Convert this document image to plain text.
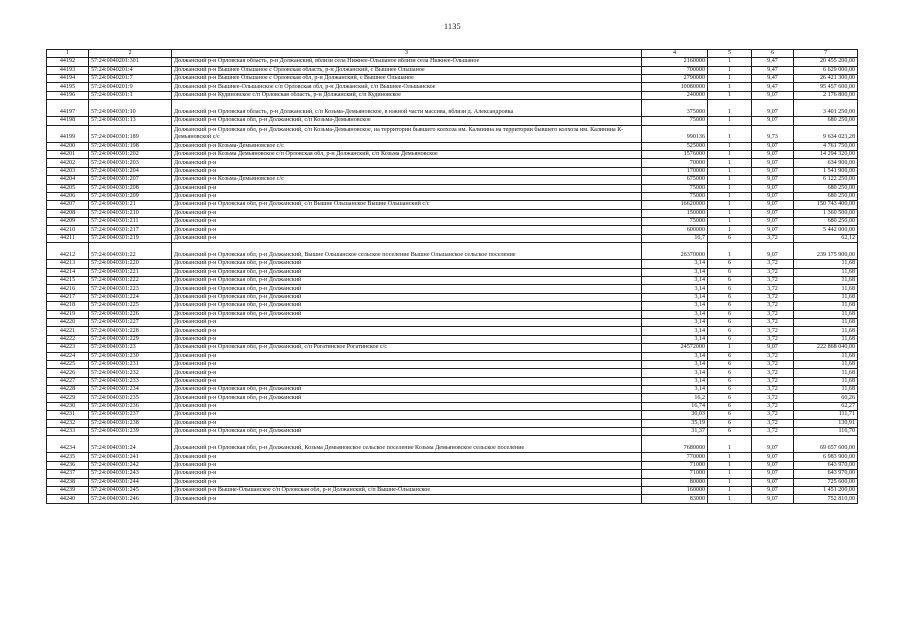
1135
1	2	3	4	5	6	7
44192	57:24:0040201:301	Должанский р-н Орловская область, р-н Должанский, вблизи села Нижнее-Ольшаное вблизи села Нижнее-Ольшаное	2160000	1	9,47	20 455 200,00
44193	57:24:0040201:4	Должанский р-н Вышнее Ольшаное с Орловская область, р-н Должанский, с Вышнее Ольшаное	700000	1	9,47	6 629 000,00
44194	57:24:0040201:7	Должанский р-н Вышнее Ольшаное с Орловская обл, р-н Должанский, с Вышнее Ольшаное	2790000	1	9,47	26 421 300,00
44195	57:24:0040201:9	Должанский р-н Вышнее-Ольшанское с/п Орловская обл, р-н Должанский, с/п Вышнее-Ольшанское	10080000	1	9,47	95 457 600,00
44196	57:24:0040301:1	Должанский р-н Кудиновское с/п Орловская область, р-н Должанский, с/п Кудиновское	240000	1	9,07	2 176 800,00
44197	57:24:0040301:10	Должанский р-н Орловская область, р-н Должанский, с/п Козьма-Демьяновское, в южной части массива, вблизи д. Александровка	375000	1	9,07	3 401 250,00
44198	57:24:0040301:13	Должанский р-н Орловская обл, р-н Должанский, с/п Козьма-Демьяновское	75000	1	9,07	680 250,00
44199	57:24:0040301:189	Должанский р-н Орловская обл, р-н Должанский, с/п Козьма-Демьяновское, на территории бывшего колхоза им. Калинина на территории бывшего колхоза им. Калинина К-Демьяновской с/с	990136	1	9,73	9 634 023,28
44200	57:24:0040301:198	Должанский р-н Козьма-Демьяновское с/с	525000	1	9,07	4 761 750,00
44201	57:24:0040301:202	Должанский р-н Козьма Демьяновское с/п Орловская обл, р-н Должанский, с/п Козьма Демьяновское	1576000	1	9,07	14 294 320,00
44202	57:24:0040301:203	Должанский р-н	70000	1	9,07	634 900,00
44203	57:24:0040301:204	Должанский р-н	170000	1	9,07	1 541 900,00
44204	57:24:0040301:207	Должанский р-н Козьма-Демьяновское с/с	675000	1	9,07	6 122 250,00
44205	57:24:0040301:208	Должанский р-н	75000	1	9,07	680 250,00
44206	57:24:0040301:209	Должанский р-н	75000	1	9,07	680 250,00
44207	57:24:0040301:21	Должанский р-н Орловская обл, р-н Должанский, с/п Вышне Ольшанское Вышне Ольшанский с/с	16620000	1	9,07	150 743 400,00
44208	57:24:0040301:210	Должанский р-н	150000	1	9,07	1 360 500,00
44209	57:24:0040301:211	Должанский р-н	75000	1	9,07	680 250,00
44210	57:24:0040301:217	Должанский р-н	600000	1	9,07	5 442 000,00
44211	57:24:0040301:219	Должанский р-н	16,7	6	3,72	62,12
44212	57:24:0040301:22	Должанский р-н Орловская обл, р-н Должанский, Вышне Ольшанское сельское поселение Вышне Ольшанское сельское поселение	26370000	1	9,07	239 175 900,00
44213	57:24:0040301:220	Должанский р-н Орловская обл, р-н Должанский	3,14	6	3,72	11,68
44214	57:24:0040301:221	Должанский р-н Орловская обл, р-н Должанский	3,14	6	3,72	11,68
44215	57:24:0040301:222	Должанский р-н Орловская обл, р-н Должанский	3,14	6	3,72	11,68
44216	57:24:0040301:223	Должанский р-н Орловская обл, р-н Должанский	3,14	6	3,72	11,68
44217	57:24:0040301:224	Должанский р-н Орловская обл, р-н Должанский	3,14	6	3,72	11,68
44218	57:24:0040301:225	Должанский р-н Орловская обл, р-н Должанский	3,14	6	3,72	11,68
44219	57:24:0040301:226	Должанский р-н Орловская обл, р-н Должанский	3,14	6	3,72	11,68
44220	57:24:0040301:227	Должанский р-н	3,14	6	3,72	11,68
44221	57:24:0040301:228	Должанский р-н	3,14	6	3,72	11,68
44222	57:24:0040301:229	Должанский р-н	3,14	6	3,72	11,68
44223	57:24:0040301:23	Должанский р-н Орловская обл, р-н Должанский, с/п Рогатинское Рогатинское с/с	24572000	1	9,07	222 868 040,00
44224	57:24:0040301:230	Должанский р-н	3,14	6	3,72	11,68
44225	57:24:0040301:231	Должанский р-н	3,14	6	3,72	11,68
44226	57:24:0040301:232	Должанский р-н	3,14	6	3,72	11,68
44227	57:24:0040301:233	Должанский р-н	3,14	6	3,72	11,68
44228	57:24:0040301:234	Должанский р-н Орловская обл, р-н Должанский	3,14	6	3,72	11,68
44229	57:24:0040301:235	Должанский р-н Орловская обл, р-н Должанский	16,2	6	3,72	60,26
44230	57:24:0040301:236	Должанский р-н	16,74	6	3,72	62,27
44231	57:24:0040301:237	Должанский р-н	30,03	6	3,72	111,71
44232	57:24:0040301:238	Должанский р-н	35,19	6	3,72	130,91
44233	57:24:0040301:239	Должанский р-н Орловская обл, р-н Должанский	31,37	6	3,72	116,70
44234	57:24:0040301:24	Должанский р-н Орловская обл, р-н Должанский, Козьма Демьяновское сельское поселение Козьма Демьяновское сельское поселение	7680000	1	9,07	69 657 600,00
44235	57:24:0040301:241	Должанский р-н	770000	1	9,07	6 983 900,00
44236	57:24:0040301:242	Должанский р-н	71000	1	9,07	643 970,00
44237	57:24:0040301:243	Должанский р-н	71000	1	9,07	643 970,00
44238	57:24:0040301:244	Должанский р-н	80000	1	9,07	725 600,00
44239	57:24:0040301:245	Должанский р-н Вышне-Ольшанское с/п Орловская обл, р-н Должанский, с/п Вышне-Ольшанское	160000	1	9,07	1 451 200,00
44240	57:24:0040301:246	Должанский р-н	83000	1	9,07	752 810,00
